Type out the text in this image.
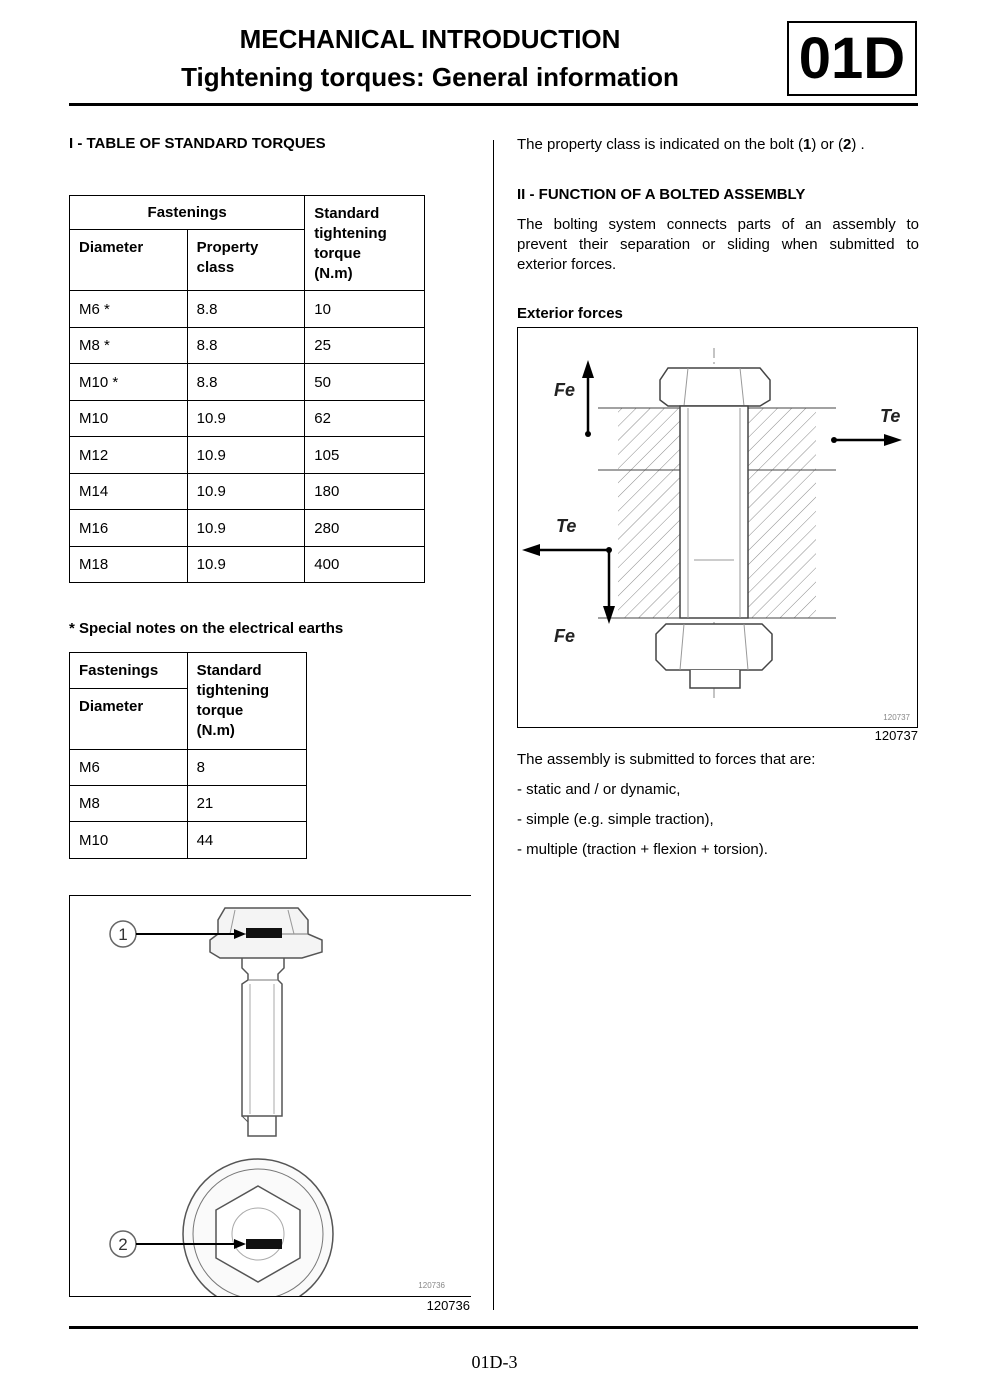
MECHANICAL INTRODUCTION
Tightening torques: General information	01D
I - TABLE OF STANDARD TORQUES
Fastenings		Standard
tightening
torque
(N.m)
Diameter	Property
class	
M6 *	8.8	10
M8 *	8.8	25
M10 *	8.8	50
M10	10.9	62
M12	10.9	105
M14	10.9	180
M16	10.9	280
M18	10.9	400
* Special notes on the electrical earths
Fastenings	Standard
tightening
torque
(N.m)
Diameter	
M6	8
M8	21
M10	44
1
2
120736
120736
The property class is indicated on the bolt (1) or (2) .
II - FUNCTION OF A BOLTED ASSEMBLY
The bolting system connects parts of an assembly to
prevent their separation or sliding when submitted to
exterior forces.
Exterior forces
Fe
Te
Te
Fe
120737
120737
The assembly is submitted to forces that are:
- static and / or dynamic,
- simple (e.g. simple traction),
- multiple (traction + flexion + torsion).
01D-3
